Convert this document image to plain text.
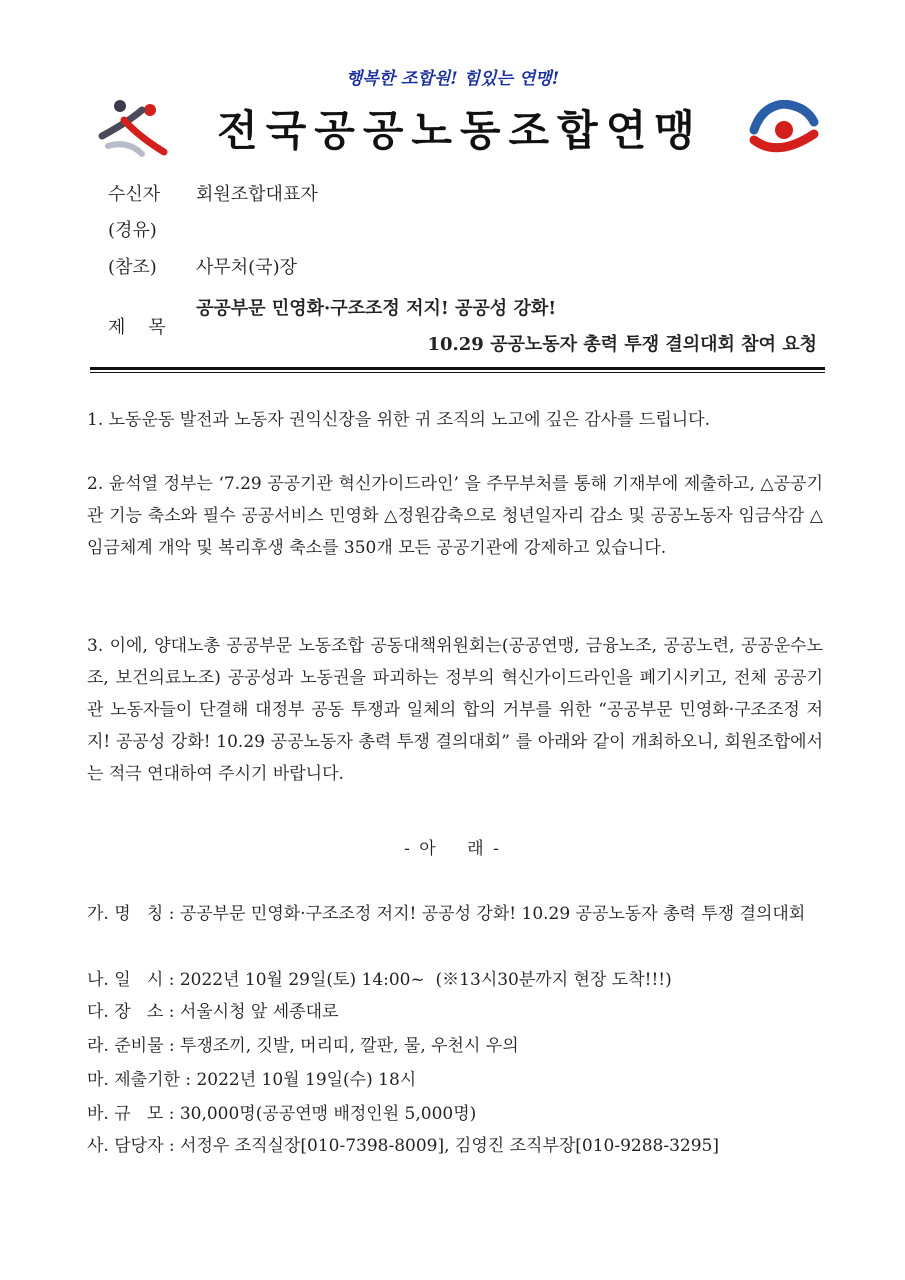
행복한 조합원! 힘있는 연맹!
전국공공노동조합연맹
수신자 회원조합대표자
(경유)
(참조) 사무처(국)장
제    목
공공부문 민영화·구조조정 저지! 공공성 강화!
10.29 공공노동자 총력 투쟁 결의대회 참여 요청
1. 노동운동 발전과 노동자 권익신장을 위한 귀 조직의 노고에 깊은 감사를 드립니다.
2. 윤석열 정부는 ‘7.29 공공기관 혁신가이드라인’ 을 주무부처를 통해 기재부에 제출하고, △공공기관 기능 축소와 필수 공공서비스 민영화 △정원감축으로 청년일자리 감소 및 공공노동자 임금삭감 △임금체계 개악 및 복리후생 축소를 350개 모든 공공기관에 강제하고 있습니다.
3. 이에, 양대노총 공공부문 노동조합 공동대책위원회는(공공연맹, 금융노조, 공공노련, 공공운수노조, 보건의료노조) 공공성과 노동권을 파괴하는 정부의 혁신가이드라인을 폐기시키고, 전체 공공기관 노동자들이 단결해 대정부 공동 투쟁과 일체의 합의 거부를 위한 “공공부문 민영화·구조조정 저지! 공공성 강화! 10.29 공공노동자 총력 투쟁 결의대회” 를 아래와 같이 개최하오니, 회원조합에서는 적극 연대하여 주시기 바랍니다.
- 아    래 -
가. 명   칭 : 공공부문 민영화·구조조정 저지! 공공성 강화! 10.29 공공노동자 총력 투쟁 결의대회
나. 일   시 : 2022년 10월 29일(토) 14:00~  (※13시30분까지 현장 도착!!!)
다. 장   소 : 서울시청 앞 세종대로
라. 준비물 : 투쟁조끼, 깃발, 머리띠, 깔판, 물, 우천시 우의
마. 제출기한 : 2022년 10월 19일(수) 18시
바. 규   모 : 30,000명(공공연맹 배정인원 5,000명)
사. 담당자 : 서정우 조직실장[010-7398-8009], 김영진 조직부장[010-9288-3295]
